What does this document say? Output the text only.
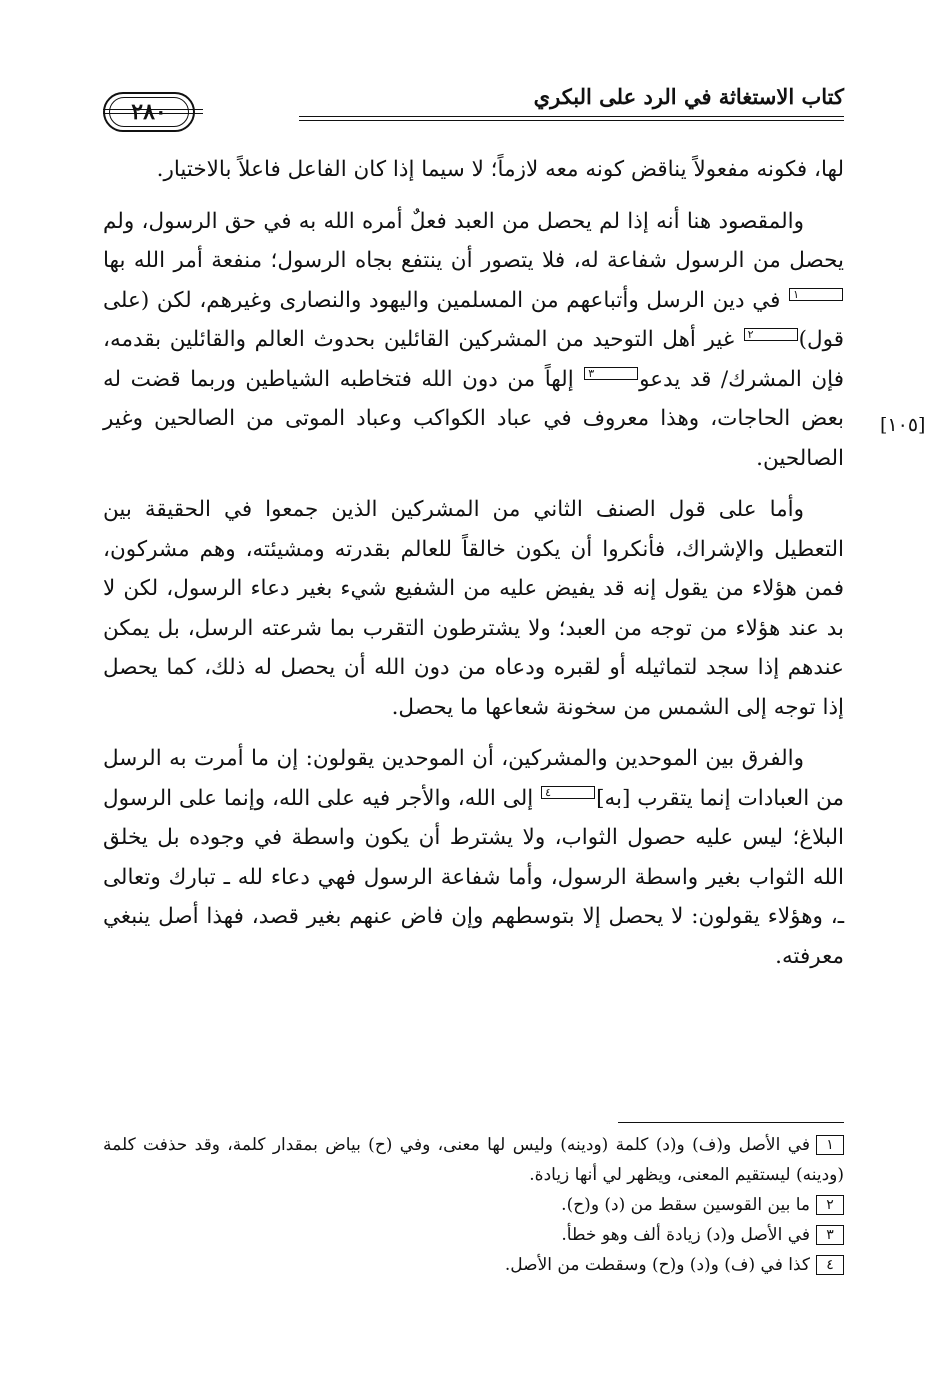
كتاب الاستغاثة في الرد على البكري
٢٨٠
[١٠٥]

لها، فكونه مفعولاً يناقض كونه معه لازماً؛ لا سيما إذا كان الفاعل فاعلاً بالاختيار.

والمقصود هنا أنه إذا لم يحصل من العبد فعلٌ أمره الله به في حق الرسول، ولم يحصل من الرسول شفاعة له، فلا يتصور أن ينتفع بجاه الرسول؛ منفعة أمر الله بها١ في دين الرسل وأتباعهم من المسلمين واليهود والنصارى وغيرهم، لكن (على قول)٢ غير أهل التوحيد من المشركين القائلين بحدوث العالم والقائلين بقدمه، فإن المشرك/ قد يدعو٣ إلهاً من دون الله فتخاطبه الشياطين وربما قضت له بعض الحاجات، وهذا معروف في عباد الكواكب وعباد الموتى من الصالحين وغير الصالحين.

وأما على قول الصنف الثاني من المشركين الذين جمعوا في الحقيقة بين التعطيل والإشراك، فأنكروا أن يكون خالقاً للعالم بقدرته ومشيئته، وهم مشركون، فمن هؤلاء من يقول إنه قد يفيض عليه من الشفيع شيء بغير دعاء الرسول، لكن لا بد عند هؤلاء من توجه من العبد؛ ولا يشترطون التقرب بما شرعته الرسل، بل يمكن عندهم إذا سجد لتماثيله أو لقبره ودعاه من دون الله أن يحصل له ذلك، كما يحصل إذا توجه إلى الشمس من سخونة شعاعها ما يحصل.

والفرق بين الموحدين والمشركين، أن الموحدين يقولون: إن ما أمرت به الرسل من العبادات إنما يتقرب [به]٤ إلى الله، والأجر فيه على الله، وإنما على الرسول البلاغ؛ ليس عليه حصول الثواب، ولا يشترط أن يكون واسطة في وجوده بل يخلق الله الثواب بغير واسطة الرسول، وأما شفاعة الرسول فهي دعاء لله ـ تبارك وتعالى ـ، وهؤلاء يقولون: لا يحصل إلا بتوسطهم وإن فاض عنهم بغير قصد، فهذا أصل ينبغي معرفته.

١في الأصل و(ف) و(د) كلمة (ودينه) وليس لها معنى، وفي (ح) بياض بمقدار كلمة، وقد حذفت كلمة (ودينه) ليستقيم المعنى، ويظهر لي أنها زيادة.

٢ما بين القوسين سقط من (د) و(ح).

٣في الأصل و(د) زيادة ألف وهو خطأ.

٤كذا في (ف) و(د) و(ح) وسقطت من الأصل.
